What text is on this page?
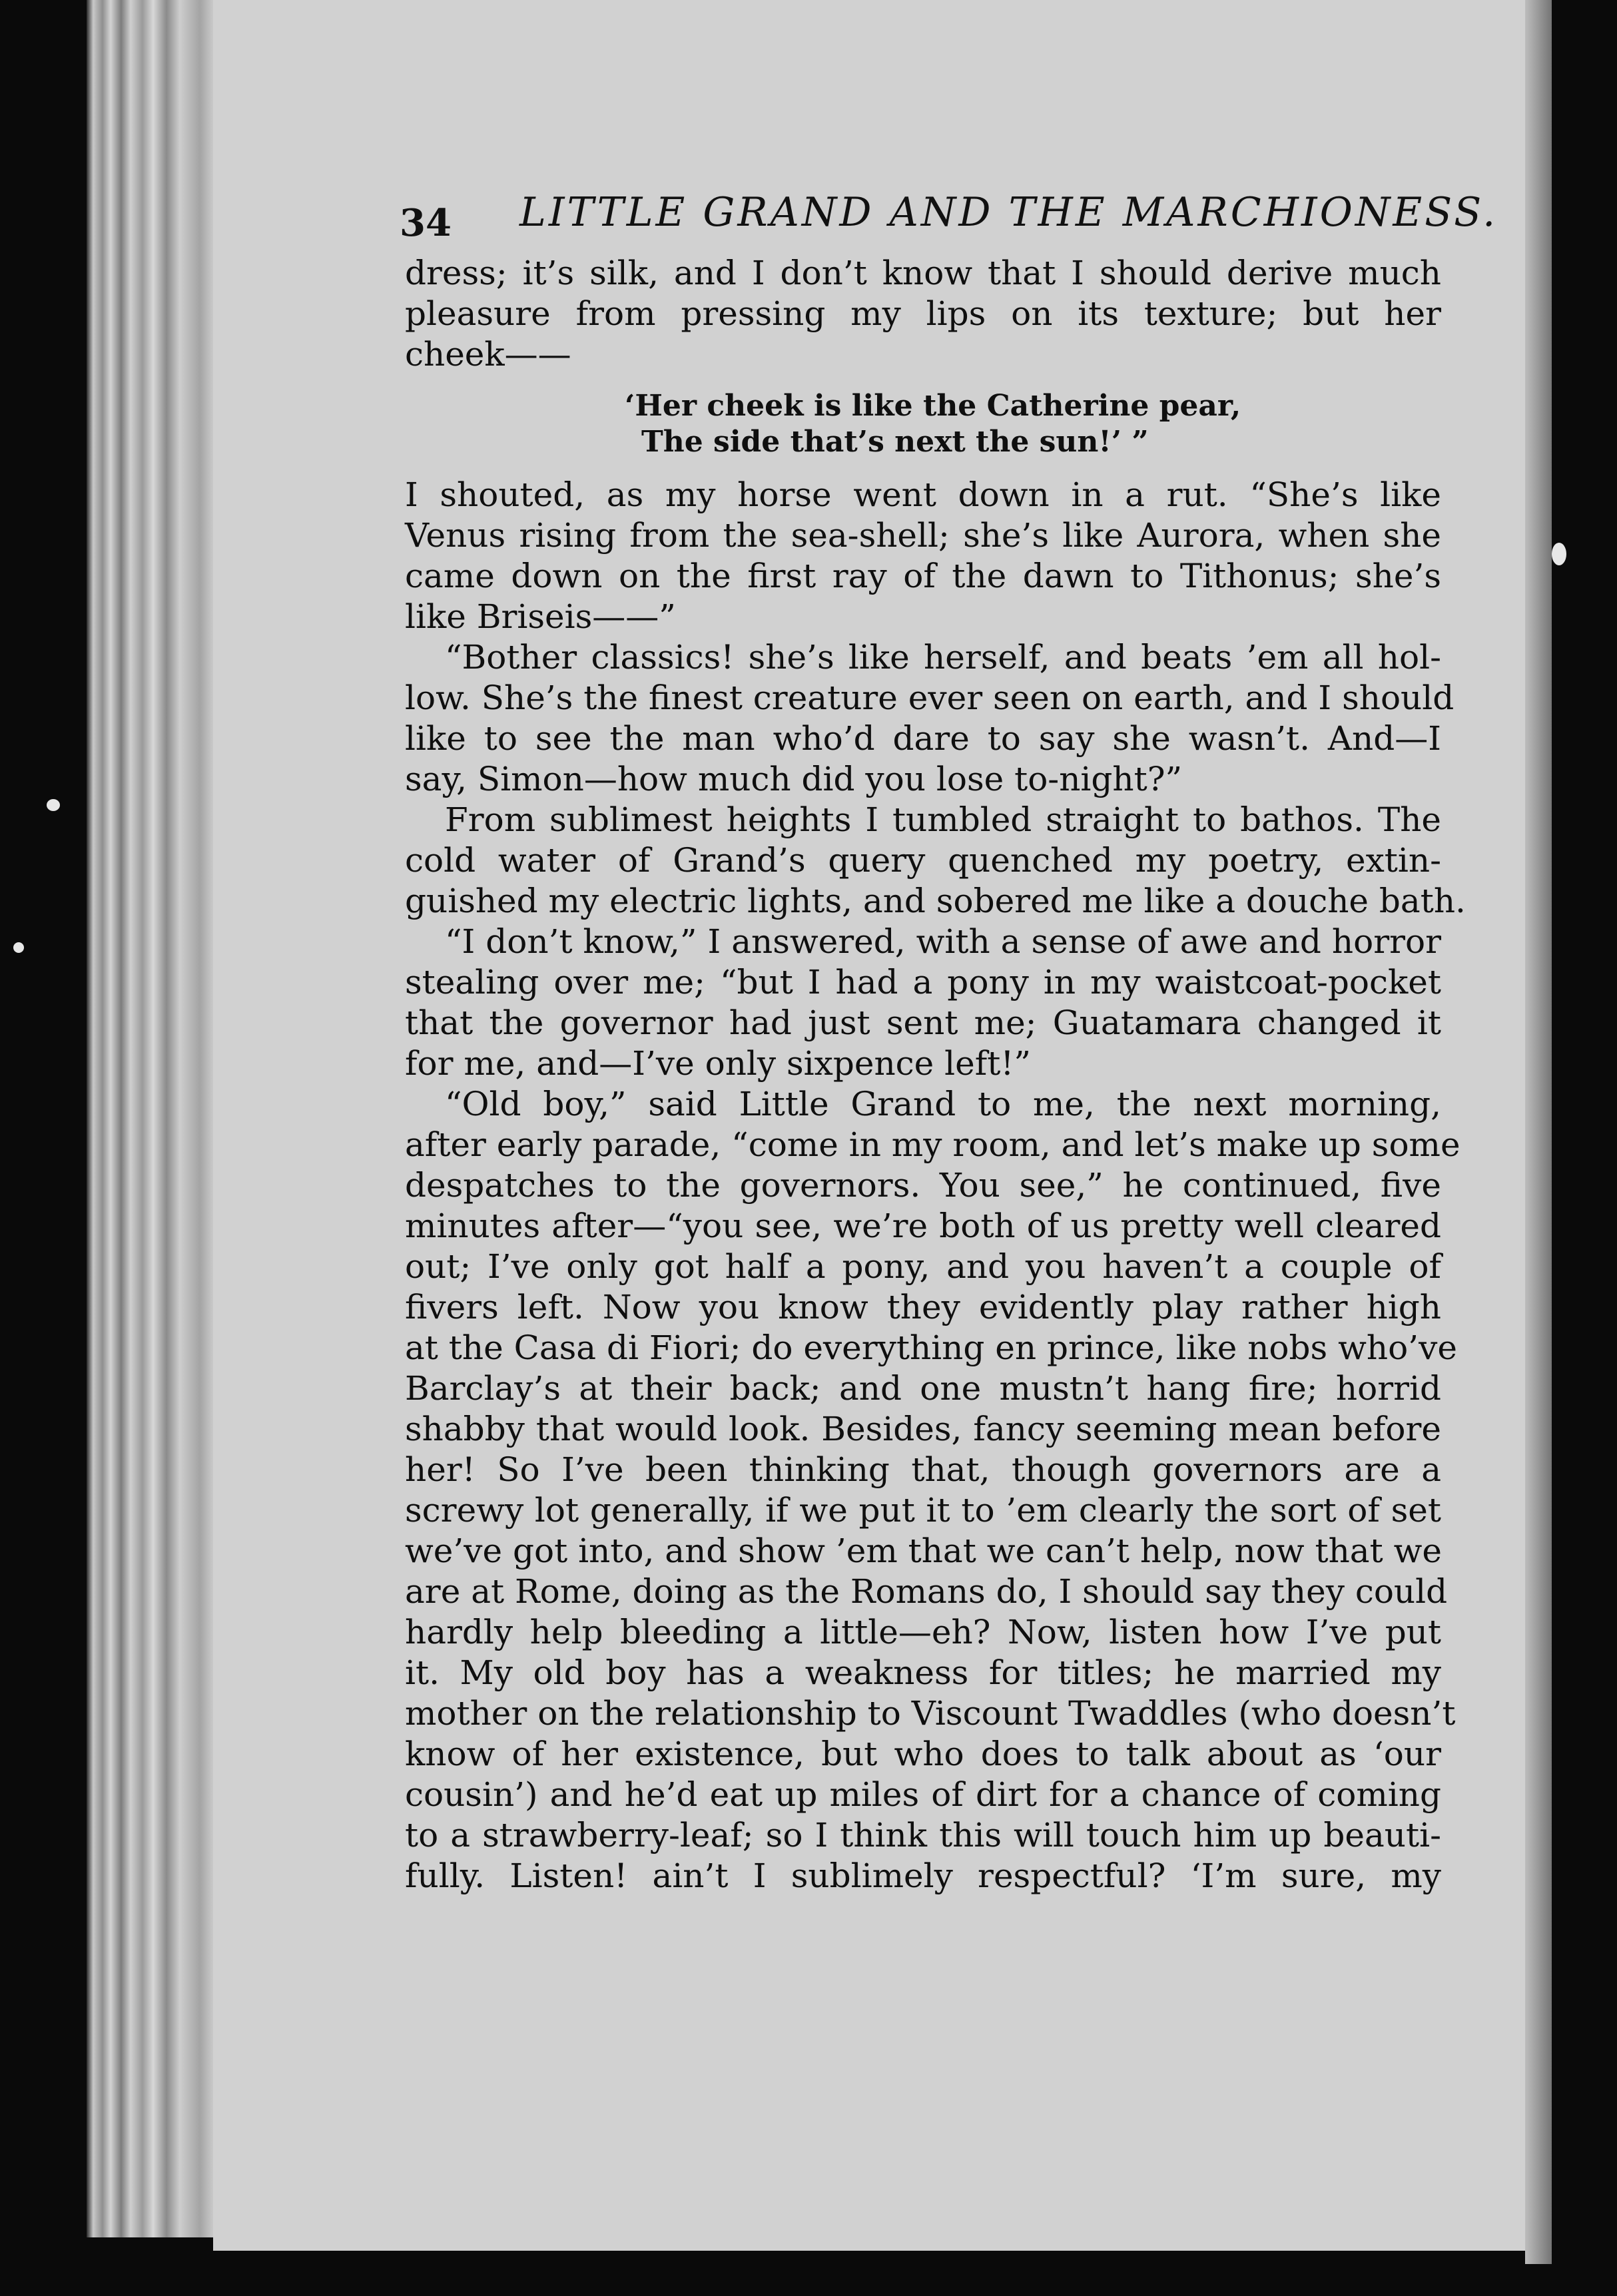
34 LITTLE GRAND AND THE MARCHIONESS.
dress; it’s silk, and I don’t know that I should derive much
pleasure from pressing my lips on its texture; but her
cheek——
‘Her cheek is like the Catherine pear,
The side that’s next the sun!’ ”
I shouted, as my horse went down in a rut. “She’s like
Venus rising from the sea-shell; she’s like Aurora, when she
came down on the first ray of the dawn to Tithonus; she’s
like Briseis——”
“Bother classics! she’s like herself, and beats ’em all hol-
low. She’s the finest creature ever seen on earth, and I should
like to see the man who’d dare to say she wasn’t. And—I
say, Simon—how much did you lose to-night?”
From sublimest heights I tumbled straight to bathos. The
cold water of Grand’s query quenched my poetry, extin-
guished my electric lights, and sobered me like a douche bath.
“I don’t know,” I answered, with a sense of awe and horror
stealing over me; “but I had a pony in my waistcoat-pocket
that the governor had just sent me; Guatamara changed it
for me, and—I’ve only sixpence left!”
“Old boy,” said Little Grand to me, the next morning,
after early parade, “come in my room, and let’s make up some
despatches to the governors. You see,” he continued, five
minutes after—“you see, we’re both of us pretty well cleared
out; I’ve only got half a pony, and you haven’t a couple of
fivers left. Now you know they evidently play rather high
at the Casa di Fiori; do everything en prince, like nobs who’ve
Barclay’s at their back; and one mustn’t hang fire; horrid
shabby that would look. Besides, fancy seeming mean before
her! So I’ve been thinking that, though governors are a
screwy lot generally, if we put it to ’em clearly the sort of set
we’ve got into, and show ’em that we can’t help, now that we
are at Rome, doing as the Romans do, I should say they could
hardly help bleeding a little—eh? Now, listen how I’ve put
it. My old boy has a weakness for titles; he married my
mother on the relationship to Viscount Twaddles (who doesn’t
know of her existence, but who does to talk about as ‘our
cousin’) and he’d eat up miles of dirt for a chance of coming
to a strawberry-leaf; so I think this will touch him up beauti-
fully. Listen! ain’t I sublimely respectful? ‘I’m sure, my
